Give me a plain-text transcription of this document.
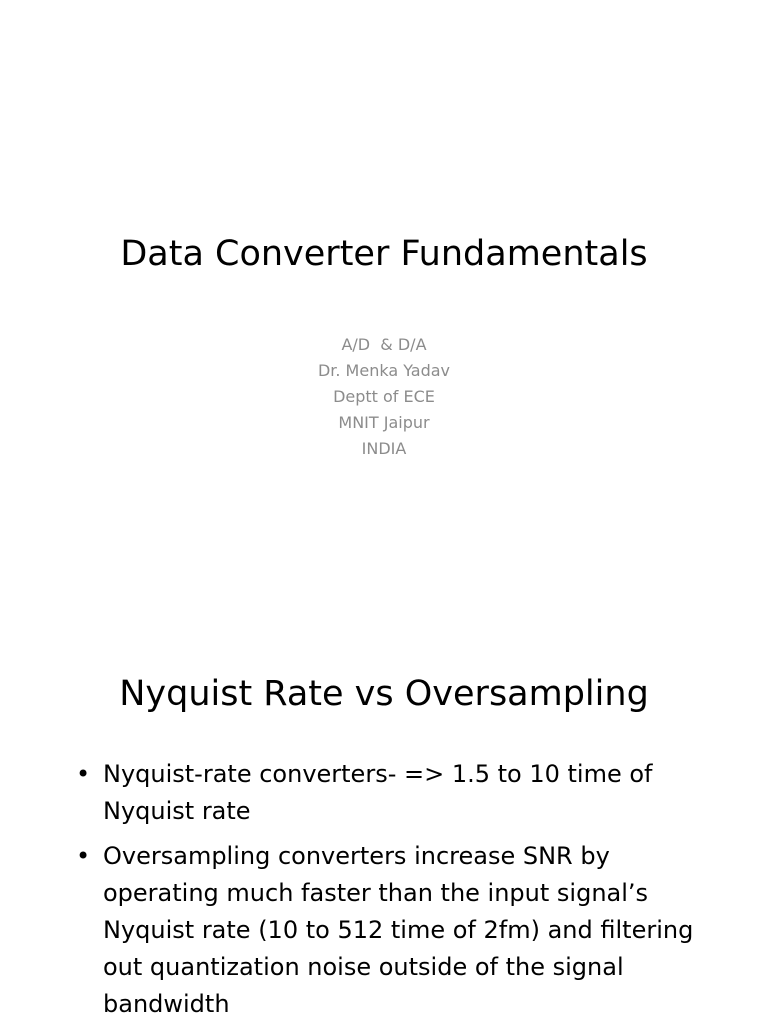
Data Converter Fundamentals
A/D  & D/A
Dr. Menka Yadav
Deptt of ECE
MNIT Jaipur
INDIA
Nyquist Rate vs Oversampling
• Nyquist-rate converters- => 1.5 to 10 time of Nyquist rate
• Oversampling converters increase SNR by operating much faster than the input signal’s Nyquist rate (10 to 512 time of 2fm) and filtering out quantization noise outside of the signal bandwidth
